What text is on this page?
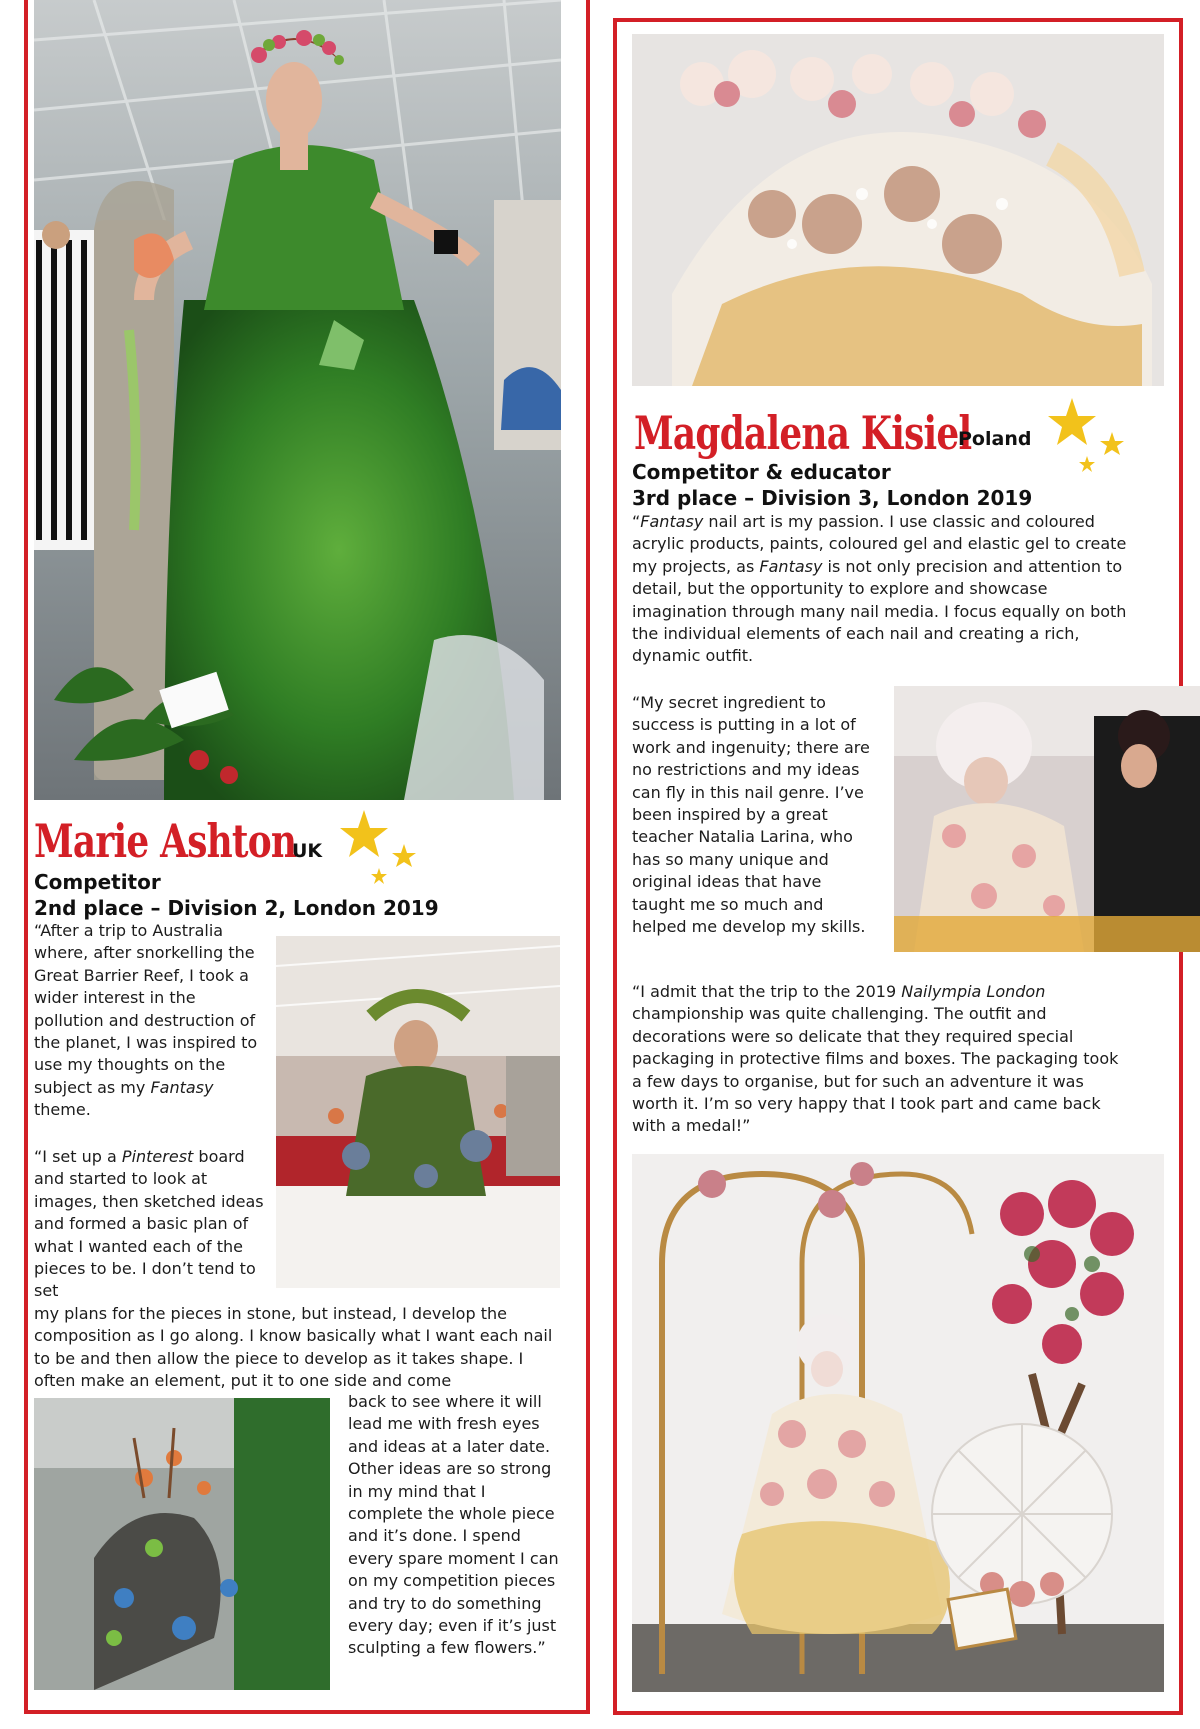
Marie Ashton
UK
Competitor
2nd place – Division 2, London 2019

“After a trip to Australia where, after snorkelling the Great Barrier Reef, I took a wider interest in the pollution and destruction of the planet, I was inspired to use my thoughts on the subject as my Fantasy theme.

“I set up a Pinterest board and started to look at images, then sketched ideas and formed a basic plan of what I wanted each of the pieces to be. I don’t tend to set

my plans for the pieces in stone, but instead, I develop the composition as I go along. I know basically what I want each nail to be and then allow the piece to develop as it takes shape. I often make an element, put it to one side and come

back to see where it will lead me with fresh eyes and ideas at a later date. Other ideas are so strong in my mind that I complete the whole piece and it’s done. I spend every spare moment I can on my competition pieces and try to do something every day; even if it’s just sculpting a few flowers.”

Magdalena Kisiel
Poland
Competitor & educator
3rd place – Division 3, London 2019

“Fantasy nail art is my passion. I use classic and coloured acrylic products, paints, coloured gel and elastic gel to create my projects, as Fantasy is not only precision and attention to detail, but the opportunity to explore and showcase imagination through many nail media. I focus equally on both the individual elements of each nail and creating a rich, dynamic outfit.

“My secret ingredient to success is putting in a lot of work and ingenuity; there are no restrictions and my ideas can fly in this nail genre. I’ve been inspired by a great teacher Natalia Larina, who has so many unique and original ideas that have taught me so much and helped me develop my skills.

“I admit that the trip to the 2019 Nailympia London championship was quite challenging. The outfit and decorations were so delicate that they required special packaging in protective films and boxes. The packaging took a few days to organise, but for such an adventure it was worth it. I’m so very happy that I took part and came back with a medal!”
